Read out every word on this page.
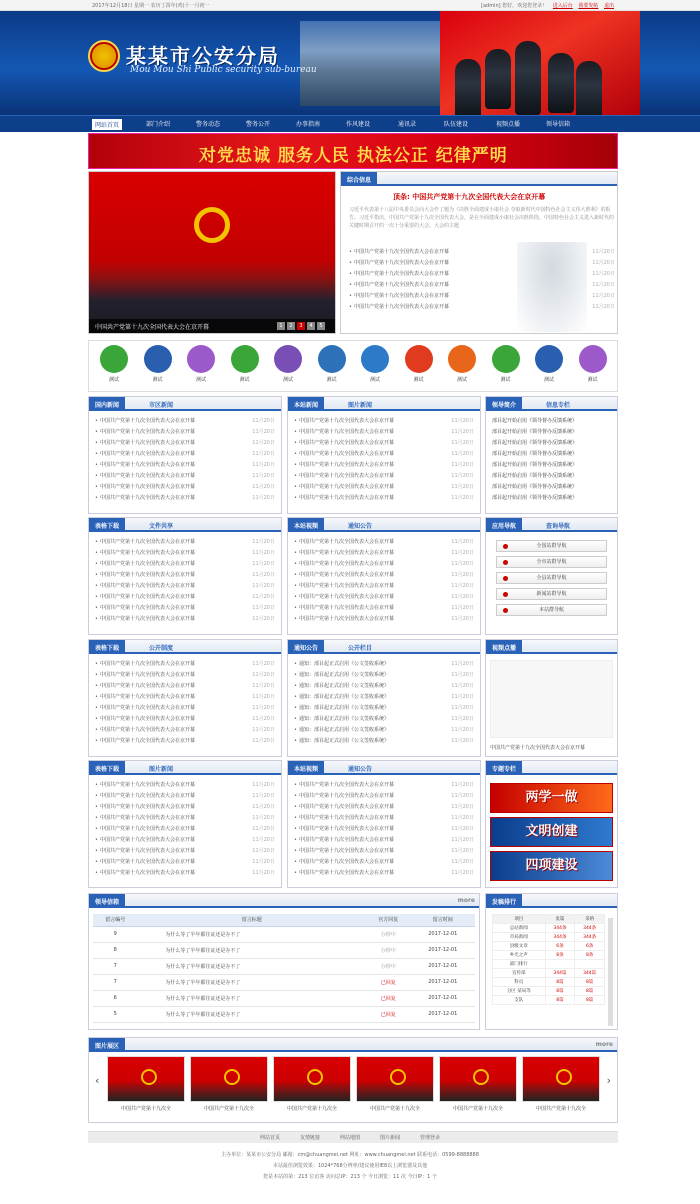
2017年12月18日 星期一 农历丁酉年(鸡)十一月初一	[admin] 您好，欢迎您登录！ 进入后台 我要发帖 退出
某某市公安分局
Mou Mou Shi Public security sub-bureau
网站首页	部门介绍	警务动态	警务公开	办事指南	作风建设	通讯录	队伍建设	视频点播	领导信箱
对党忠诚 服务人民 执法公正 纪律严明
中国共产党第十九次全国代表大会在京开幕	1 2 3 4 5
综合信息
顶条: 中国共产党第十九次全国代表大会在京开幕
习近平代表第十八届中央委员会向大会作了题为《决胜全面建成小康社会 夺取新时代中国特色社会主义伟大胜利》的报告。习近平指出，中国共产党第十九次全国代表大会，是在全面建成小康社会决胜阶段、中国特色社会主义进入新时代的关键时期召开的一次十分重要的大会。大会的主题
• 中国共产党第十九次全国代表大会在京开幕	11月20日
• 中国共产党第十九次全国代表大会在京开幕	11月20日
• 中国共产党第十九次全国代表大会在京开幕	11月20日
• 中国共产党第十九次全国代表大会在京开幕	11月20日
• 中国共产党第十九次全国代表大会在京开幕	11月20日
• 中国共产党第十九次全国代表大会在京开幕	11月20日
测试	测试	测试	测试	测试	测试	测试	测试	测试	测试	测试	测试
国内新闻	市区新闻
• 中国共产党第十九次全国代表大会在京开幕	11月20日
• 中国共产党第十九次全国代表大会在京开幕	11月20日
• 中国共产党第十九次全国代表大会在京开幕	11月20日
• 中国共产党第十九次全国代表大会在京开幕	11月20日
• 中国共产党第十九次全国代表大会在京开幕	11月20日
• 中国共产党第十九次全国代表大会在京开幕	11月20日
• 中国共产党第十九次全国代表大会在京开幕	11月20日
• 中国共产党第十九次全国代表大会在京开幕	11月20日
本站新闻	图片新闻
• 中国共产党第十九次全国代表大会在京开幕	11月20日
• 中国共产党第十九次全国代表大会在京开幕	11月20日
• 中国共产党第十九次全国代表大会在京开幕	11月20日
• 中国共产党第十九次全国代表大会在京开幕	11月20日
• 中国共产党第十九次全国代表大会在京开幕	11月20日
• 中国共产党第十九次全国代表大会在京开幕	11月20日
• 中国共产党第十九次全国代表大会在京开幕	11月20日
• 中国共产党第十九次全国代表大会在京开幕	11月20日
领导简介	信息专栏
部目起开始启用《领导督办反馈系统》
部目起开始启用《领导督办反馈系统》
部目起开始启用《领导督办反馈系统》
部目起开始启用《领导督办反馈系统》
部目起开始启用《领导督办反馈系统》
部目起开始启用《领导督办反馈系统》
部目起开始启用《领导督办反馈系统》
部目起开始启用《领导督办反馈系统》
表格下载	文件共享
• 中国共产党第十九次全国代表大会在京开幕	11月20日
• 中国共产党第十九次全国代表大会在京开幕	11月20日
• 中国共产党第十九次全国代表大会在京开幕	11月20日
• 中国共产党第十九次全国代表大会在京开幕	11月20日
• 中国共产党第十九次全国代表大会在京开幕	11月20日
• 中国共产党第十九次全国代表大会在京开幕	11月20日
• 中国共产党第十九次全国代表大会在京开幕	11月20日
• 中国共产党第十九次全国代表大会在京开幕	11月20日
本站视频	通知公告
• 中国共产党第十九次全国代表大会在京开幕	11月20日
• 中国共产党第十九次全国代表大会在京开幕	11月20日
• 中国共产党第十九次全国代表大会在京开幕	11月20日
• 中国共产党第十九次全国代表大会在京开幕	11月20日
• 中国共产党第十九次全国代表大会在京开幕	11月20日
• 中国共产党第十九次全国代表大会在京开幕	11月20日
• 中国共产党第十九次全国代表大会在京开幕	11月20日
• 中国共产党第十九次全国代表大会在京开幕	11月20日
应用导航	查询导航
全国站群导航
全市站群导航
全县站群导航
新闻站群导航
本站群导航
表格下载	公开制度
• 中国共产党第十九次全国代表大会在京开幕	11月20日
• 中国共产党第十九次全国代表大会在京开幕	11月20日
• 中国共产党第十九次全国代表大会在京开幕	11月20日
• 中国共产党第十九次全国代表大会在京开幕	11月20日
• 中国共产党第十九次全国代表大会在京开幕	11月20日
• 中国共产党第十九次全国代表大会在京开幕	11月20日
• 中国共产党第十九次全国代表大会在京开幕	11月20日
• 中国共产党第十九次全国代表大会在京开幕	11月20日
通知公告	公开栏目
• 通知：部目起正式启用《公文签收系统》	11月20日
• 通知：部目起正式启用《公文签收系统》	11月20日
• 通知：部目起正式启用《公文签收系统》	11月20日
• 通知：部目起正式启用《公文签收系统》	11月20日
• 通知：部目起正式启用《公文签收系统》	11月20日
• 通知：部目起正式启用《公文签收系统》	11月20日
• 通知：部目起正式启用《公文签收系统》	11月20日
• 通知：部目起正式启用《公文签收系统》	11月20日
视频点播
中国共产党第十九次全国代表大会在京开幕
表格下载	图片新闻
• 中国共产党第十九次全国代表大会在京开幕	11月20日
• 中国共产党第十九次全国代表大会在京开幕	11月20日
• 中国共产党第十九次全国代表大会在京开幕	11月20日
• 中国共产党第十九次全国代表大会在京开幕	11月20日
• 中国共产党第十九次全国代表大会在京开幕	11月20日
• 中国共产党第十九次全国代表大会在京开幕	11月20日
• 中国共产党第十九次全国代表大会在京开幕	11月20日
• 中国共产党第十九次全国代表大会在京开幕	11月20日
• 中国共产党第十九次全国代表大会在京开幕	11月20日
本站视频	通知公告
• 中国共产党第十九次全国代表大会在京开幕	11月20日
• 中国共产党第十九次全国代表大会在京开幕	11月20日
• 中国共产党第十九次全国代表大会在京开幕	11月20日
• 中国共产党第十九次全国代表大会在京开幕	11月20日
• 中国共产党第十九次全国代表大会在京开幕	11月20日
• 中国共产党第十九次全国代表大会在京开幕	11月20日
• 中国共产党第十九次全国代表大会在京开幕	11月20日
• 中国共产党第十九次全国代表大会在京开幕	11月20日
• 中国共产党第十九次全国代表大会在京开幕	11月20日
专题专栏
两学一做
文明创建
四项建设
领导信箱	more
留言编号	留言标题	官方回复	留言时间
9	为什么等了半年都住证还是办不了	办理中	2017-12-01
8	为什么等了半年都住证还是办不了	办理中	2017-12-01
7	为什么等了半年都住证还是办不了	办理中	2017-12-01
7	为什么等了半年都住证还是办不了	已回复	2017-12-01
6	为什么等了半年都住证还是办不了	已回复	2017-12-01
5	为什么等了半年都住证还是办不了	已回复	2017-12-01
发稿排行
项目	发篇	采纳
总站新闻	344条	344条
市局新闻	344条	344条
县级文章	6条	6条
乡光之声	8条	8条
部门排行		
宣传部	344篇	344篇
科员	8篇	8篇
分区 某局等	8篇	8篇
支队	8篇	8篇
图片展区	more
‹	›
中国共产党第十九次全	中国共产党第十九次全	中国共产党第十九次全	中国共产党第十九次全	中国共产党第十九次全	中国共产党第十九次全
网站首页	友情链接	网站地图	图片新闻	管理登录
主办单位：某某市公安分局 邮箱：cm@chuangmei.net 网址：www.chuangmei.net 联系电话：0599-8888888
本站最佳浏览效果：1024*768分辨率/建议使用IE8以上浏览器及其他
您是本站的第：213 位访客 访问总IP：213 个 今日浏览：11 次 今日IP：1 个
